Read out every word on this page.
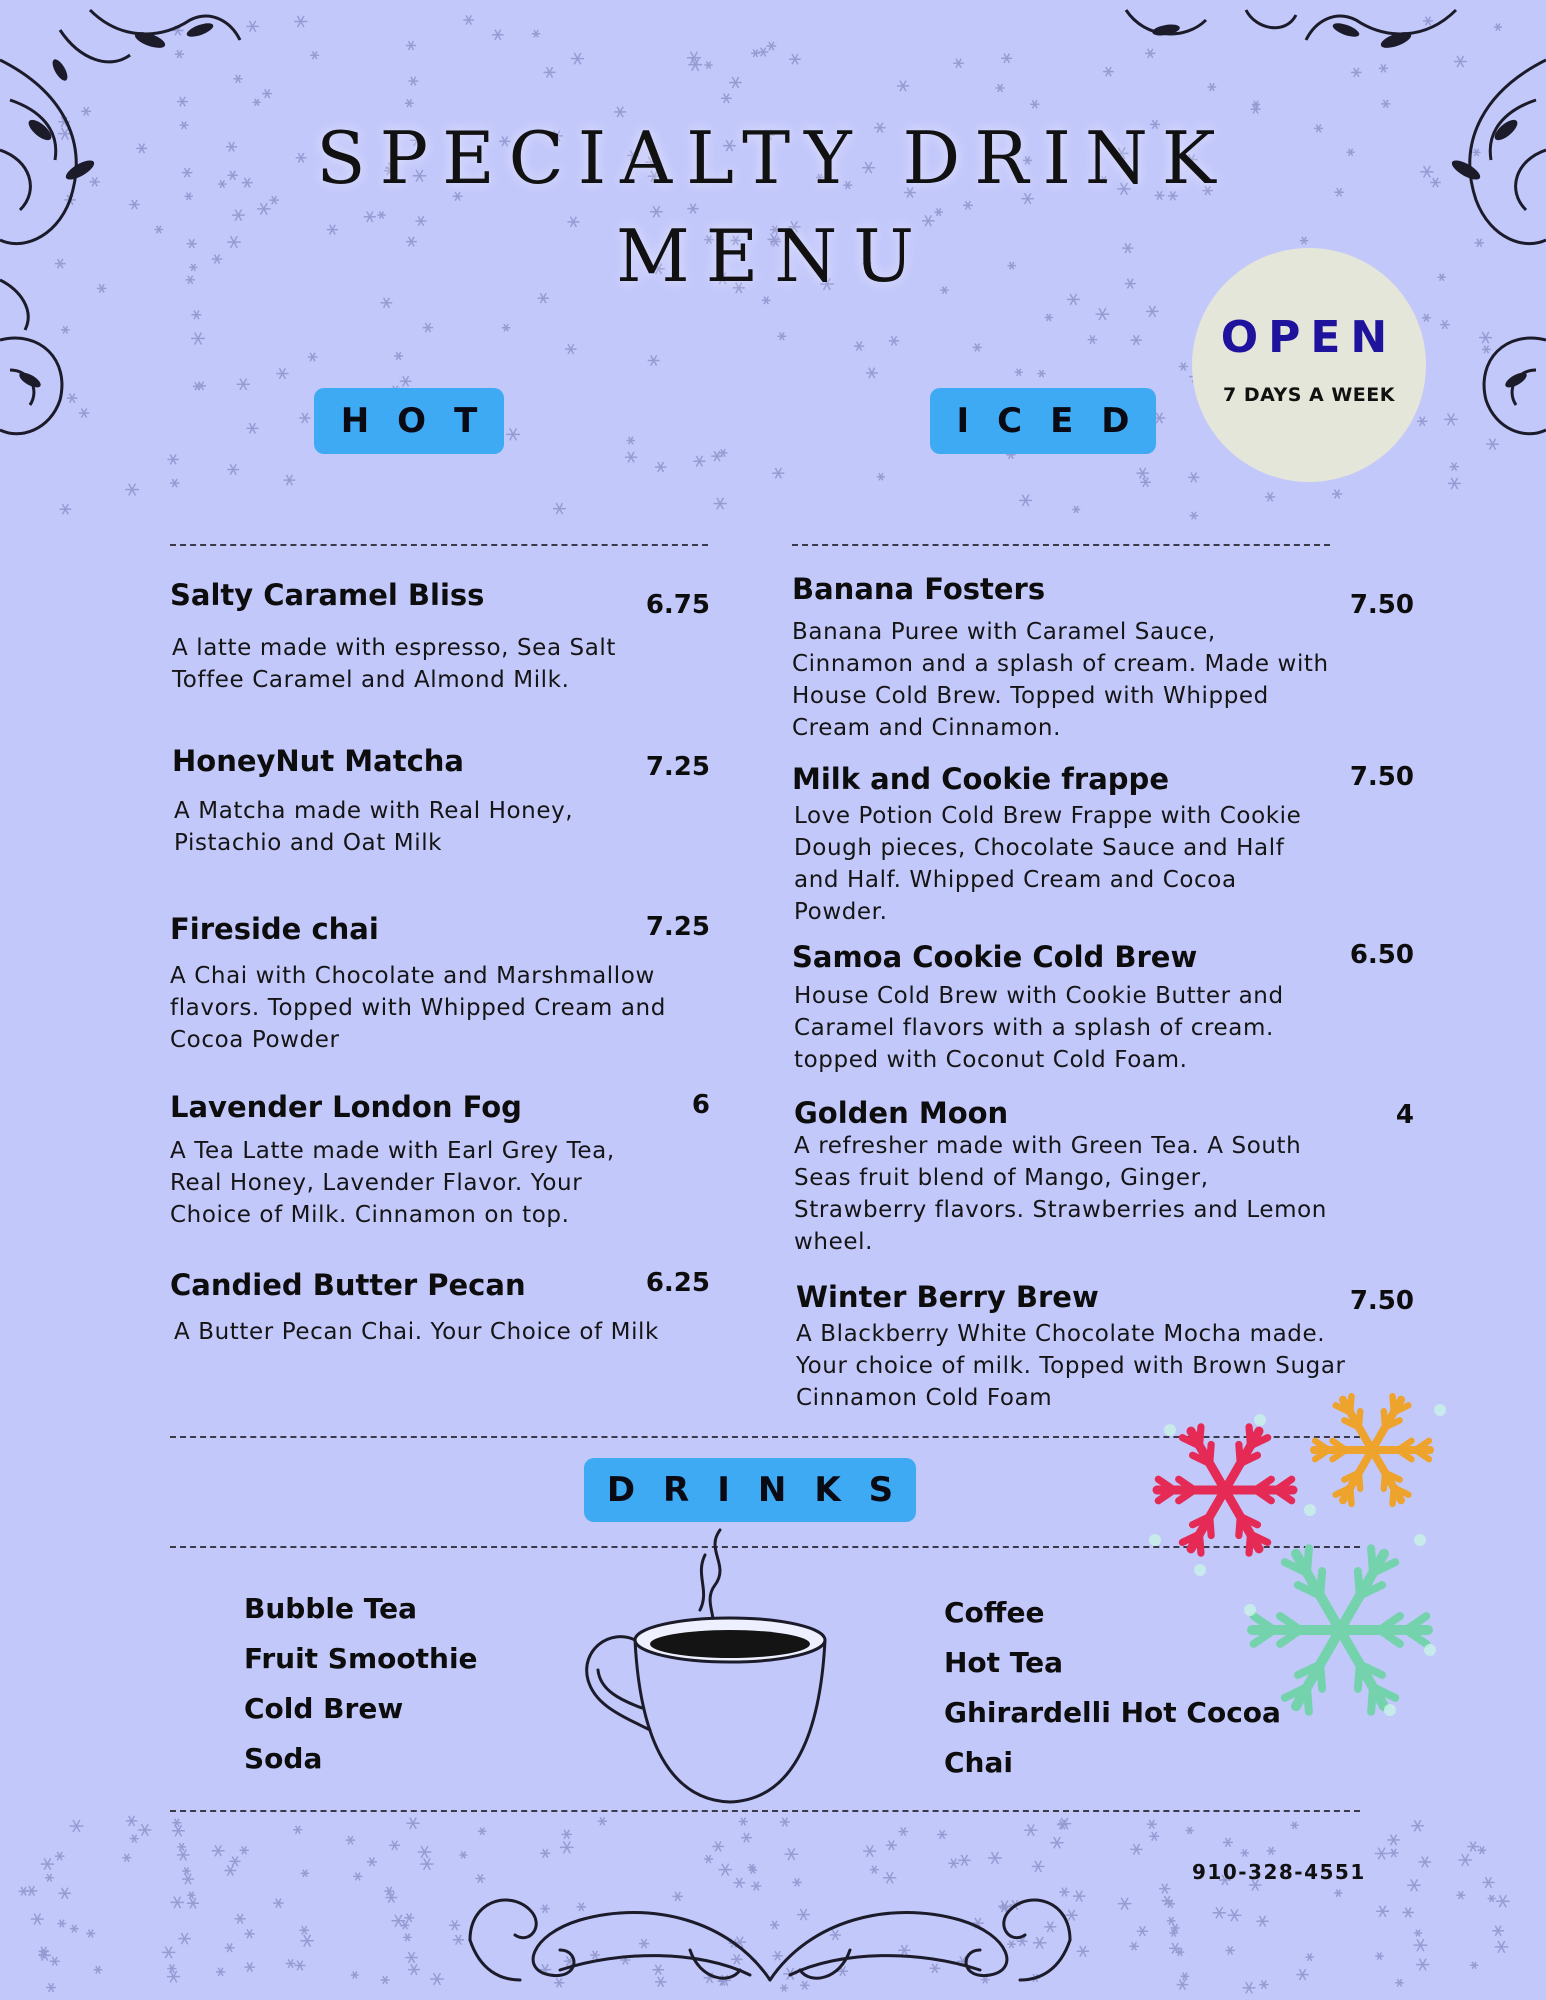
SPECIALTY DRINK
MENU
OPEN
7 DAYS A WEEK
HOT	ICED
Salty Caramel Bliss	6.75
A latte made with espresso, Sea Salt Toffee Caramel and Almond Milk.
HoneyNut Matcha	7.25
A Matcha made with Real Honey, Pistachio and Oat Milk
Fireside chai	7.25
A Chai with Chocolate and Marshmallow flavors. Topped with Whipped Cream and Cocoa Powder
Lavender London Fog	6
A Tea Latte made with Earl Grey Tea, Real Honey, Lavender Flavor. Your Choice of Milk. Cinnamon on top.
Candied Butter Pecan	6.25
A Butter Pecan Chai. Your Choice of Milk
Banana Fosters	7.50
Banana Puree with Caramel Sauce, Cinnamon and a splash of cream. Made with House Cold Brew. Topped with Whipped Cream and Cinnamon.
Milk and Cookie frappe	7.50
Love Potion Cold Brew Frappe with Cookie Dough pieces, Chocolate Sauce and Half and Half. Whipped Cream and Cocoa Powder.
Samoa Cookie Cold Brew	6.50
House Cold Brew with Cookie Butter and Caramel flavors with a splash of cream. topped with Coconut Cold Foam.
Golden Moon	4
A refresher made with Green Tea. A South Seas fruit blend of Mango, Ginger, Strawberry flavors. Strawberries and Lemon wheel.
Winter Berry Brew	7.50
A Blackberry White Chocolate Mocha made. Your choice of milk. Topped with Brown Sugar Cinnamon Cold Foam
DRINKS
Bubble Tea
Fruit Smoothie
Cold Brew
Soda
Coffee
Hot Tea
Ghirardelli Hot Cocoa
Chai
910-328-4551
